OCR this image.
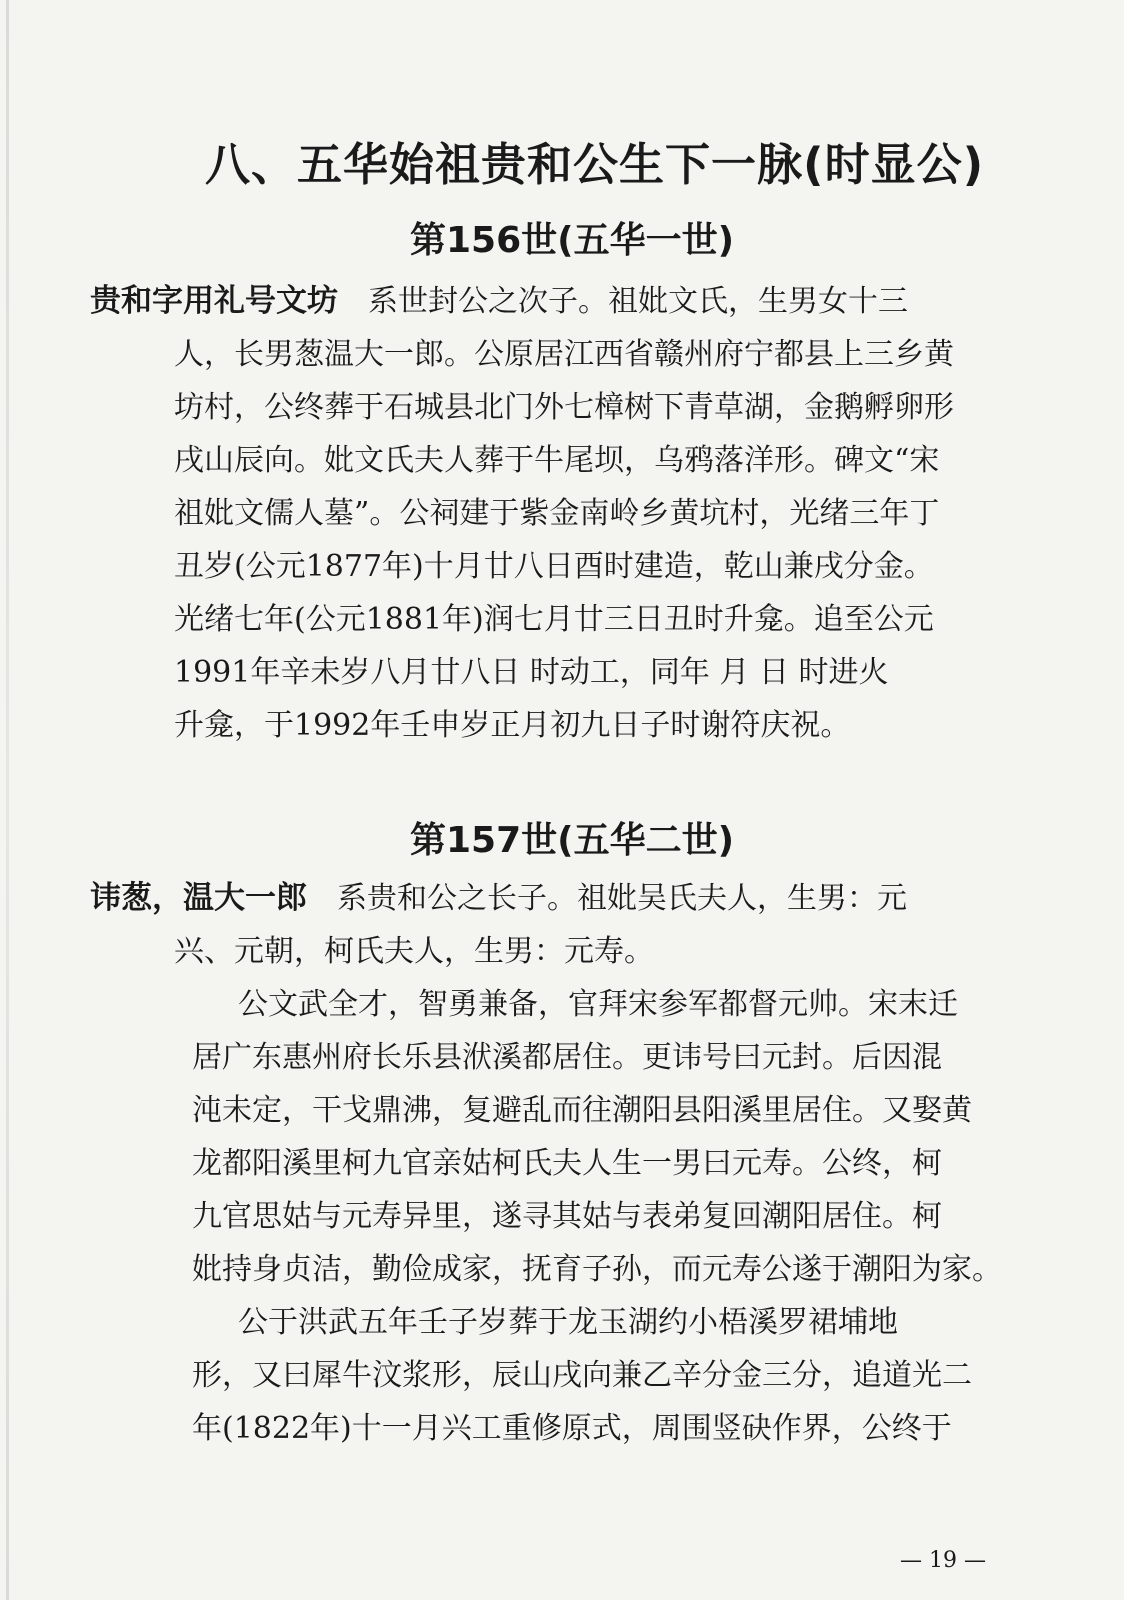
八、五华始祖贵和公生下一脉(时显公)
第156世(五华一世)
贵和字用礼号文坊 系世封公之次子。祖妣文氏，生男女十三
人，长男葱温大一郎。公原居江西省赣州府宁都县上三乡黄
坊村，公终葬于石城县北门外七樟树下青草湖，金鹅孵卵形
戌山辰向。妣文氏夫人葬于牛尾坝，乌鸦落洋形。碑文“宋
祖妣文儒人墓”。公祠建于紫金南岭乡黄坑村，光绪三年丁
丑岁(公元1877年)十月廿八日酉时建造，乾山兼戌分金。
光绪七年(公元1881年)润七月廿三日丑时升龛。追至公元
1991年辛未岁八月廿八日 时动工，同年 月 日 时进火
升龛，于1992年壬申岁正月初九日子时谢符庆祝。
第157世(五华二世)
讳葱，温大一郎 系贵和公之长子。祖妣吴氏夫人，生男：元
兴、元朝，柯氏夫人，生男：元寿。
公文武全才，智勇兼备，官拜宋参军都督元帅。宋末迁
居广东惠州府长乐县洑溪都居住。更讳号曰元封。后因混
沌未定，干戈鼎沸，复避乱而往潮阳县阳溪里居住。又娶黄
龙都阳溪里柯九官亲姑柯氏夫人生一男曰元寿。公终，柯
九官思姑与元寿异里，遂寻其姑与表弟复回潮阳居住。柯
妣持身贞洁，勤俭成家，抚育子孙，而元寿公遂于潮阳为家。
公于洪武五年壬子岁葬于龙玉湖约小梧溪罗裙埔地
形，又曰犀牛汶浆形，辰山戌向兼乙辛分金三分，追道光二
年(1822年)十一月兴工重修原式，周围竖砄作界，公终于
— 19 —
